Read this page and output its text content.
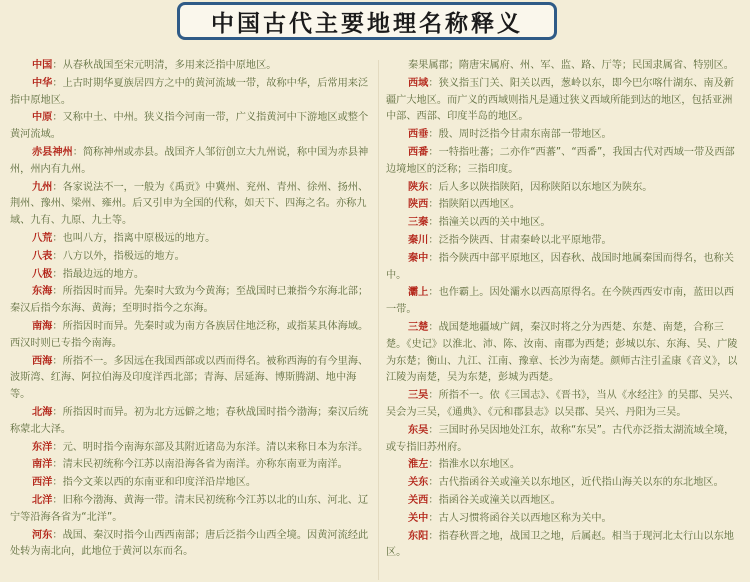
中国古代主要地理名称释义
中国：从春秋战国至宋元明清，多用来泛指中原地区。
中华：上古时期华夏族居四方之中的黄河流域一带，故称中华，后常用来泛指中原地区。
中原：又称中土、中州。狭义指今河南一带，广义指黄河中下游地区或整个黄河流域。
赤县神州：简称神州或赤县。战国齐人邹衍创立大九州说，称中国为赤县神州，州内有九州。
九州：各家说法不一，一般为《禹贡》中冀州、兖州、青州、徐州、扬州、荆州、豫州、梁州、雍州。后又引申为全国的代称，如天下、四海之名。亦称九域、九有、九原、九土等。
八荒：也叫八方，指离中原极远的地方。
八表：八方以外，指极远的地方。
八极：指最边远的地方。
东海：所指因时而异。先秦时大致为今黄海；至战国时已兼指今东海北部；秦汉后指今东海、黄海；至明时指今之东海。
南海：所指因时而异。先秦时或为南方各族居住地泛称，或指某具体海域。西汉时则已专指今南海。
西海：所指不一。多因远在我国西部或以西而得名。被称西海的有今里海、波斯湾、红海、阿拉伯海及印度洋西北部；青海、居延海、博斯腾湖、地中海等。
北海：所指因时而异。初为北方远僻之地；春秋战国时指今渤海；秦汉后统称蒙北大泽。
东洋：元、明时指今南海东部及其附近诸岛为东洋。清以来称日本为东洋。
南洋：清末民初统称今江苏以南沿海各省为南洋。亦称东南亚为南洋。
西洋：指今文莱以西的东南亚和印度洋沿岸地区。
北洋：旧称今渤海、黄海一带。清末民初统称今江苏以北的山东、河北、辽宁等沿海各省为“北洋”。
河东：战国、秦汉时指今山西西南部；唐后泛指今山西全境。因黄河流经此处转为南北向，此地位于黄河以东而名。
秦果属郡；隋唐宋属府、州、军、监、路、厅等；民国隶属省、特别区。
西域：狭义指玉门关、阳关以西，葱岭以东，即今巴尔喀什湖东、南及新疆广大地区。而广义的西域则指凡是通过狭义西域所能到达的地区，包括亚洲中部、西部、印度半岛的地区。
西垂：殷、周时泛指今甘肃东南部一带地区。
西番：一特指吐蕃；二亦作“西蕃”、“西番”，我国古代对西域一带及西部边境地区的泛称；三指印度。
陕东：后人多以陕指陕陌，因称陕陌以东地区为陕东。
陕西：指陕陌以西地区。
三秦：指潼关以西的关中地区。
秦川：泛指今陕西、甘肃秦岭以北平原地带。
秦中：指今陕西中部平原地区，因春秋、战国时地属秦国而得名，也称关中。
灞上：也作霸上。因处灞水以西高原得名。在今陕西西安市南，蓝田以西一带。
三楚：战国楚地疆域广阔，秦汉时将之分为西楚、东楚、南楚，合称三楚。《史记》以淮北、沛、陈、汝南、南郡为西楚；彭城以东、东海、吴、广陵为东楚；衡山、九江、江南、豫章、长沙为南楚。颜师古注引孟康《音义》，以江陵为南楚，吴为东楚，彭城为西楚。
三吴：所指不一。依《三国志》、《晋书》，当从《水经注》的吴郡、吴兴、吴会为三吴，《通典》、《元和郡县志》以吴郡、吴兴、丹阳为三吴。
东吴：三国时孙吴因地处江东，故称“东吴”。古代亦泛指太湖流域全境，或专指旧苏州府。
淮左：指淮水以东地区。
关东：古代指函谷关或潼关以东地区，近代指山海关以东的东北地区。
关西：指函谷关或潼关以西地区。
关中：古人习惯将函谷关以西地区称为关中。
东阳：指春秋晋之地，战国卫之地，后属赵。相当于现河北太行山以东地区。
